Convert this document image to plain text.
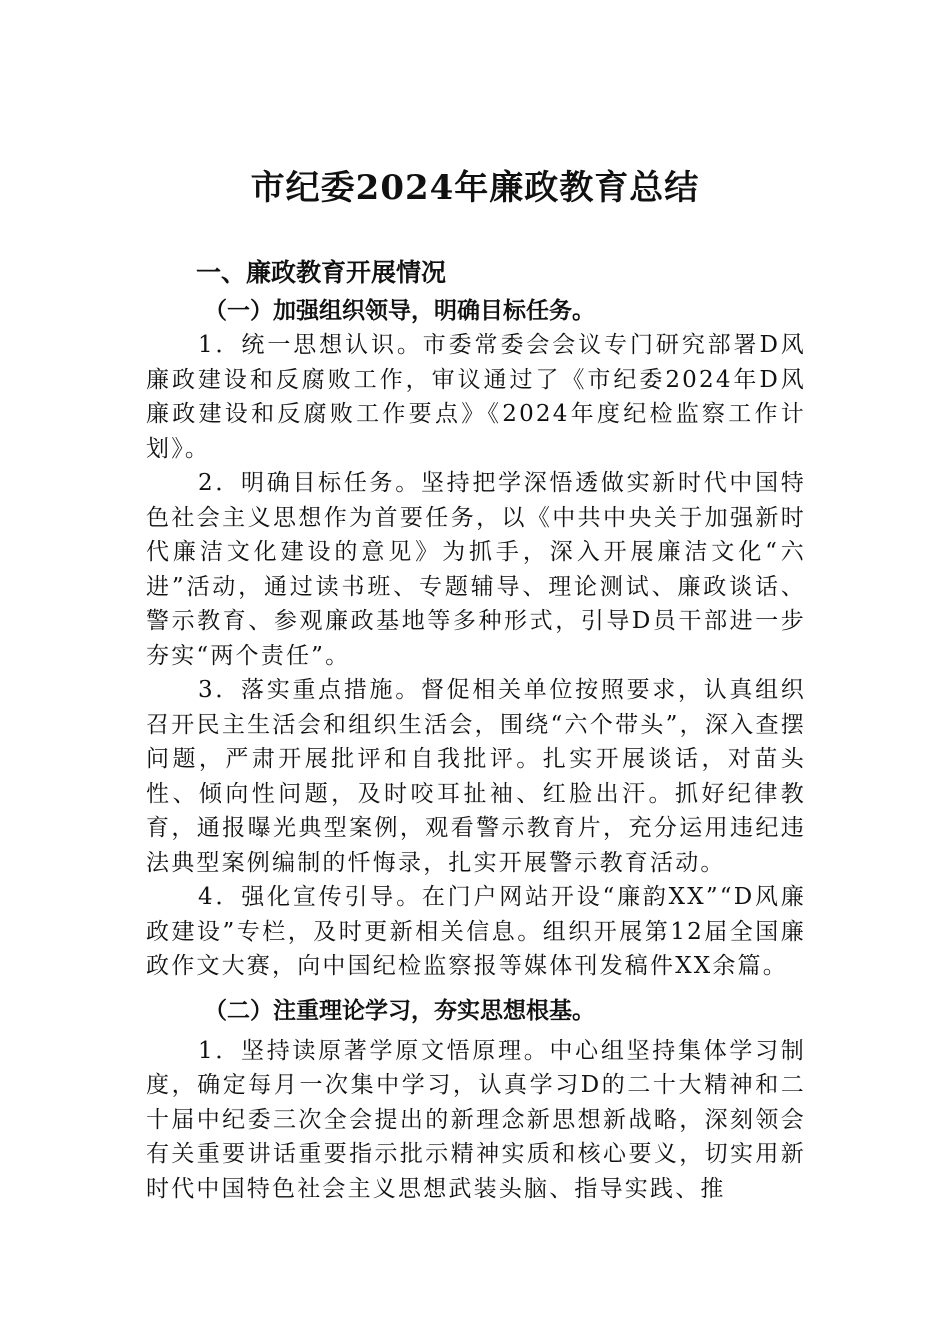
市纪委2024年廉政教育总结
一、廉政教育开展情况
（一）加强组织领导，明确目标任务。

1．统一思想认识。市委常委会会议专门研究部署D风廉政建设和反腐败工作，审议通过了《市纪委2024年D风廉政建设和反腐败工作要点》《2024年度纪检监察工作计划》。

2．明确目标任务。坚持把学深悟透做实新时代中国特色社会主义思想作为首要任务，以《中共中央关于加强新时代廉洁文化建设的意见》为抓手，深入开展廉洁文化“六进”活动，通过读书班、专题辅导、理论测试、廉政谈话、警示教育、参观廉政基地等多种形式，引导D员干部进一步夯实“两个责任”。

3．落实重点措施。督促相关单位按照要求，认真组织召开民主生活会和组织生活会，围绕“六个带头”，深入查摆问题，严肃开展批评和自我批评。扎实开展谈话，对苗头性、倾向性问题，及时咬耳扯袖、红脸出汗。抓好纪律教育，通报曝光典型案例，观看警示教育片，充分运用违纪违法典型案例编制的忏悔录，扎实开展警示教育活动。

4．强化宣传引导。在门户网站开设“廉韵XX”“D风廉政建设”专栏，及时更新相关信息。组织开展第12届全国廉政作文大赛，向中国纪检监察报等媒体刊发稿件XX余篇。

（二）注重理论学习，夯实思想根基。

1．坚持读原著学原文悟原理。中心组坚持集体学习制度，确定每月一次集中学习，认真学习D的二十大精神和二十届中纪委三次全会提出的新理念新思想新战略，深刻领会有关重要讲话重要指示批示精神实质和核心要义，切实用新时代中国特色社会主义思想武装头脑、指导实践、推
